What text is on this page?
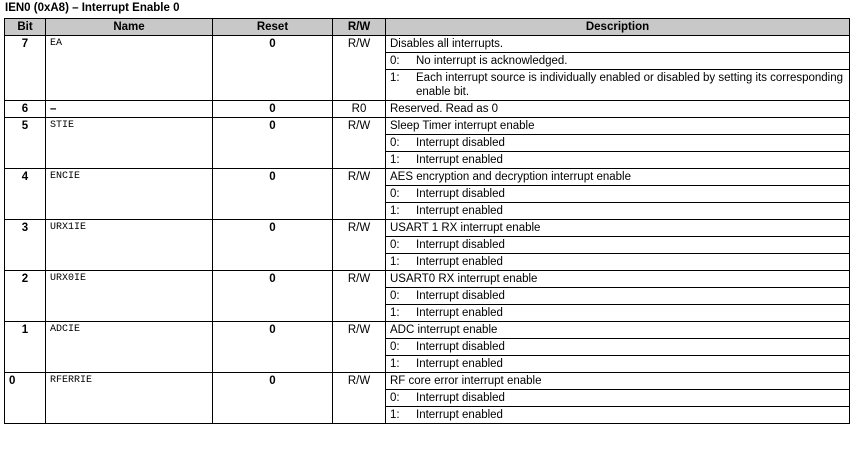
IEN0 (0xA8) – Interrupt Enable 0
Bit	Name	Reset	R/W	Description
7	EA	0	R/W	Disables all interrupts.
0: No interrupt is acknowledged.
1: Each interrupt source is individually enabled or disabled by setting its corresponding enable bit.

6	–	0	R0	Reserved. Read as 0

5	STIE	0	R/W	Sleep Timer interrupt enable
0: Interrupt disabled
1: Interrupt enabled

4	ENCIE	0	R/W	AES encryption and decryption interrupt enable
0: Interrupt disabled
1: Interrupt enabled

3	URX1IE	0	R/W	USART 1 RX interrupt enable
0: Interrupt disabled
1: Interrupt enabled

2	URX0IE	0	R/W	USART0 RX interrupt enable
0: Interrupt disabled
1: Interrupt enabled

1	ADCIE	0	R/W	ADC interrupt enable
0: Interrupt disabled
1: Interrupt enabled

0	RFERRIE	0	R/W	RF core error interrupt enable
0: Interrupt disabled
1: Interrupt enabled
